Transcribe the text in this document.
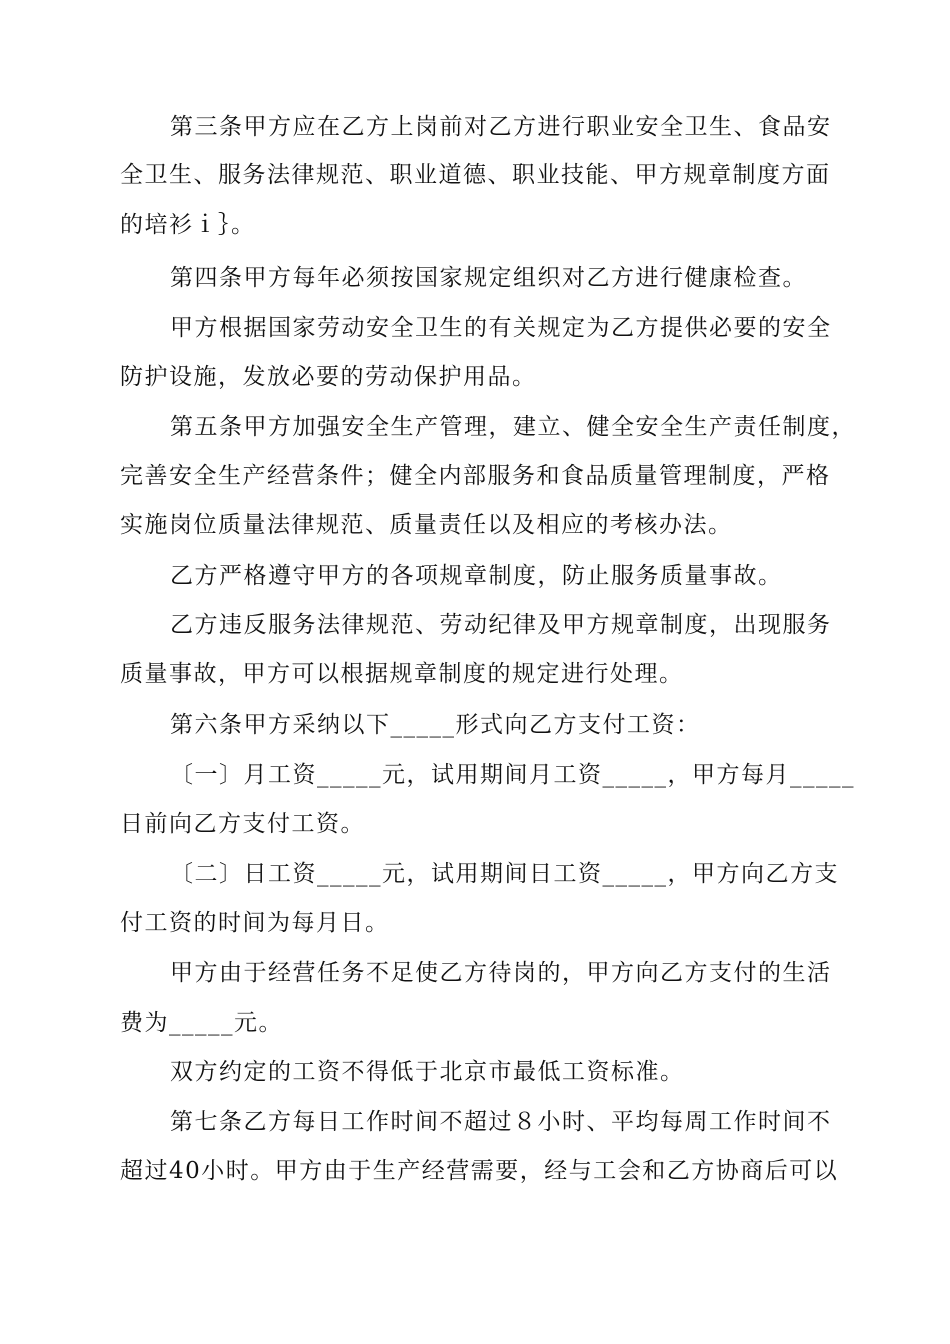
第三条甲方应在乙方上岗前对乙方进行职业安全卫生、食品安
全卫生、服务法律规范、职业道德、职业技能、甲方规章制度方面
的培衫ｉ｝。
第四条甲方每年必须按国家规定组织对乙方进行健康检查。
甲方根据国家劳动安全卫生的有关规定为乙方提供必要的安全
防护设施，发放必要的劳动保护用品。
第五条甲方加强安全生产管理，建立、健全安全生产责任制度，
完善安全生产经营条件；健全内部服务和食品质量管理制度，严格
实施岗位质量法律规范、质量责任以及相应的考核办法。
乙方严格遵守甲方的各项规章制度，防止服务质量事故。
乙方违反服务法律规范、劳动纪律及甲方规章制度，出现服务
质量事故，甲方可以根据规章制度的规定进行处理。
第六条甲方采纳以下_____形式向乙方支付工资：
〔一〕月工资_____元，试用期间月工资_____，甲方每月_____
日前向乙方支付工资。
〔二〕日工资_____元，试用期间日工资_____，甲方向乙方支
付工资的时间为每月日。
甲方由于经营任务不足使乙方待岗的，甲方向乙方支付的生活
费为_____元。
双方约定的工资不得低于北京市最低工资标准。
第七条乙方每日工作时间不超过８小时、平均每周工作时间不
超过40小时。甲方由于生产经营需要，经与工会和乙方协商后可以
